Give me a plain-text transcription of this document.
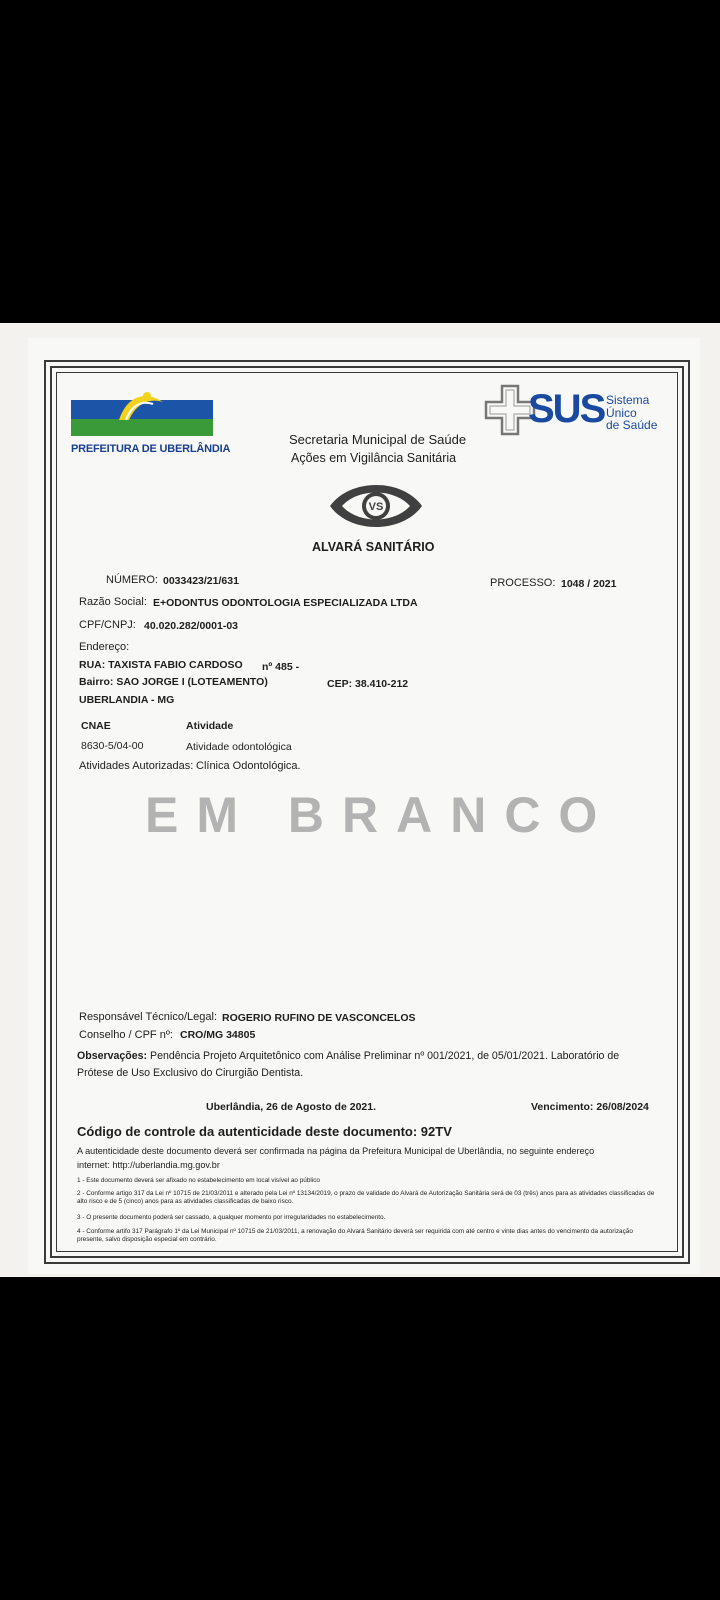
PREFEITURA DE UBERLÂNDIA
SUS Sistema
Único
de Saúde
Secretaria Municipal de Saúde
Ações em Vigilância Sanitária
VS
ALVARÁ SANITÁRIO
NÚMERO: 0033423/21/631	PROCESSO: 1048 / 2021
Razão Social: E+ODONTUS ODONTOLOGIA ESPECIALIZADA LTDA
CPF/CNPJ: 40.020.282/0001-03
Endereço:
RUA: TAXISTA FABIO CARDOSO nº 485 -
Bairro: SAO JORGE I (LOTEAMENTO)	CEP: 38.410-212
UBERLANDIA - MG
CNAE	Atividade
8630-5/04-00	Atividade odontológica
Atividades Autorizadas: Clínica Odontológica.
EM BRANCO
Responsável Técnico/Legal: ROGERIO RUFINO DE VASCONCELOS
Conselho / CPF nº: CRO/MG 34805
Observações: Pendência Projeto Arquitetônico com Análise Preliminar nº 001/2021, de 05/01/2021. Laboratório de
Prótese de Uso Exclusivo do Cirurgião Dentista.
Uberlândia, 26 de Agosto de 2021.	Vencimento: 26/08/2024
Código de controle da autenticidade deste documento: 92TV
A autenticidade deste documento deverá ser confirmada na página da Prefeitura Municipal de Uberlândia, no seguinte endereço
internet: http://uberlandia.mg.gov.br
1 - Este documento deverá ser afixado no estabelecimento em local visível ao público
2 - Conforme artigo 317 da Lei nº 10715 de 21/03/2011 e alterado pela Lei nº 13134/2019, o prazo de validade do Alvará de Autorização Sanitária será de 03 (três) anos para as atividades classificadas de alto risco e de 5 (cinco) anos para as atividades classificadas de baixo risco.
3 - O presente documento poderá ser cassado, a qualquer momento por irregularidades no estabelecimento.
4 - Conforme artifo 317 Parágrafo 1º da Lei Municipal nº 10715 de 21/03/2011, a renovação do Alvará Sanitário deverá ser requirida com até centro e vinte dias antes do vencimento da autorização presente, salvo disposição especial em contrário.
